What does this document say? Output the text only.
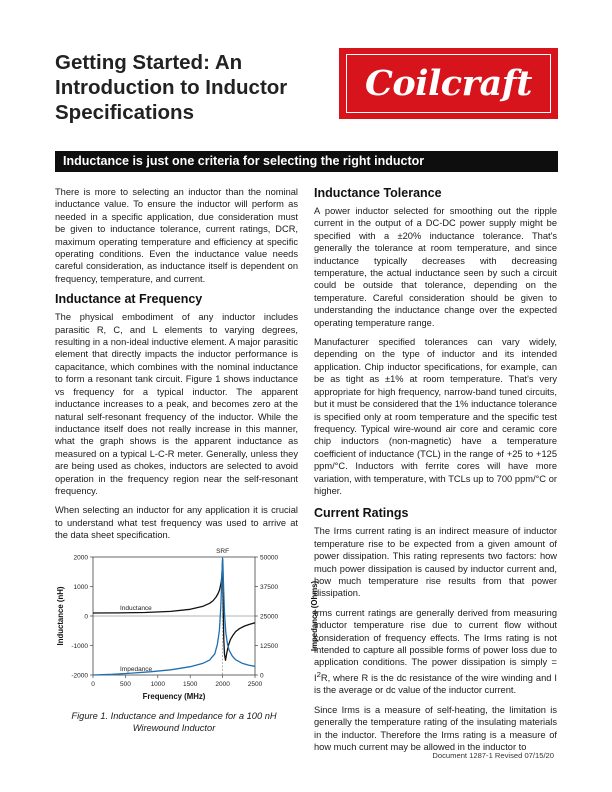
Getting Started: An Introduction to Inductor Specifications
Coilcraft
Inductance is just one criteria for selecting the right inductor

There is more to selecting an inductor than the nominal inductance value. To ensure the inductor will perform as needed in a specific application, due consideration must be given to inductance tolerance, current ratings, DCR, maximum operating temperature and efficiency at specific operating conditions. Even the inductance value needs careful consideration, as inductance itself is dependent on frequency, temperature, and current.

Inductance at Frequency

The physical embodiment of any inductor includes parasitic R, C, and L elements to varying degrees, resulting in a non-ideal inductive element. A major parasitic element that directly impacts the inductor performance is capacitance, which combines with the nominal inductance to form a resonant tank circuit. Figure 1 shows inductance vs frequency for a typical inductor. The apparent inductance increases to a peak, and becomes zero at the natural self-resonant frequency of the inductor. While the inductance itself does not really increase in this manner, what the graph shows is the apparent inductance as measured on a typical L-C-R meter. Generally, unless they are being used as chokes, inductors are selected to avoid operation in the frequency region near the self-resonant frequency.

When selecting an inductor for any application it is crucial to understand what test frequency was used to arrive at the data sheet specification.

Inductance Tolerance

A power inductor selected for smoothing out the ripple current in the output of a DC-DC power supply might be specified with a ±20% inductance tolerance. That's generally the tolerance at room temperature, and since inductance typically decreases with decreasing temperature, the actual inductance seen by such a circuit could be outside that tolerance, depending on the temperature. Careful consideration should be given to understanding the inductance change over the expected operating temperature range.

Manufacturer specified tolerances can vary widely, depending on the type of inductor and its intended application. Chip inductor specifications, for example, can be as tight as ±1% at room temperature. That's very appropriate for high frequency, narrow-band tuned circuits, but it must be considered that the 1% inductance tolerance is specified only at room temperature and the specific test frequency. Typical wire-wound air core and ceramic core chip inductors (non-magnetic) have a temperature coefficient of inductance (TCL) in the range of +25 to +125 ppm/°C. Inductors with ferrite cores will have more variation, with temperature, with TCLs up to 700 ppm/°C or higher.

Current Ratings

The Irms current rating is an indirect measure of inductor temperature rise to be expected from a given amount of power dissipation. This rating represents two factors: how much power dissipation is caused by inductor current and, how much temperature rise results from that power dissipation.

Irms current ratings are generally derived from measuring inductor temperature rise due to current flow without consideration of frequency effects. The Irms rating is not intended to capture all possible forms of power loss due to application conditions. The power dissipation is simply = $I^2R$, where R is the dc resistance of the wire winding and I is the average or dc value of the inductor current.

Since Irms is a measure of self-heating, the limitation is generally the temperature rating of the insulating materials in the inductor. Therefore the Irms rating is a measure of how much current may be allowed in the inductor to

2000
1000
0
-1000
-2000
50000
37500
25000
12500
0
0	500	1000	1500	2000	2500
SRF
Inductance
Impedance
Frequency (MHz)
Inductance (nH)	Impedance (Ohms)
Figure 1. Inductance and Impedance for a 100 nH Wirewound Inductor
Document 1287-1 Revised 07/15/20
